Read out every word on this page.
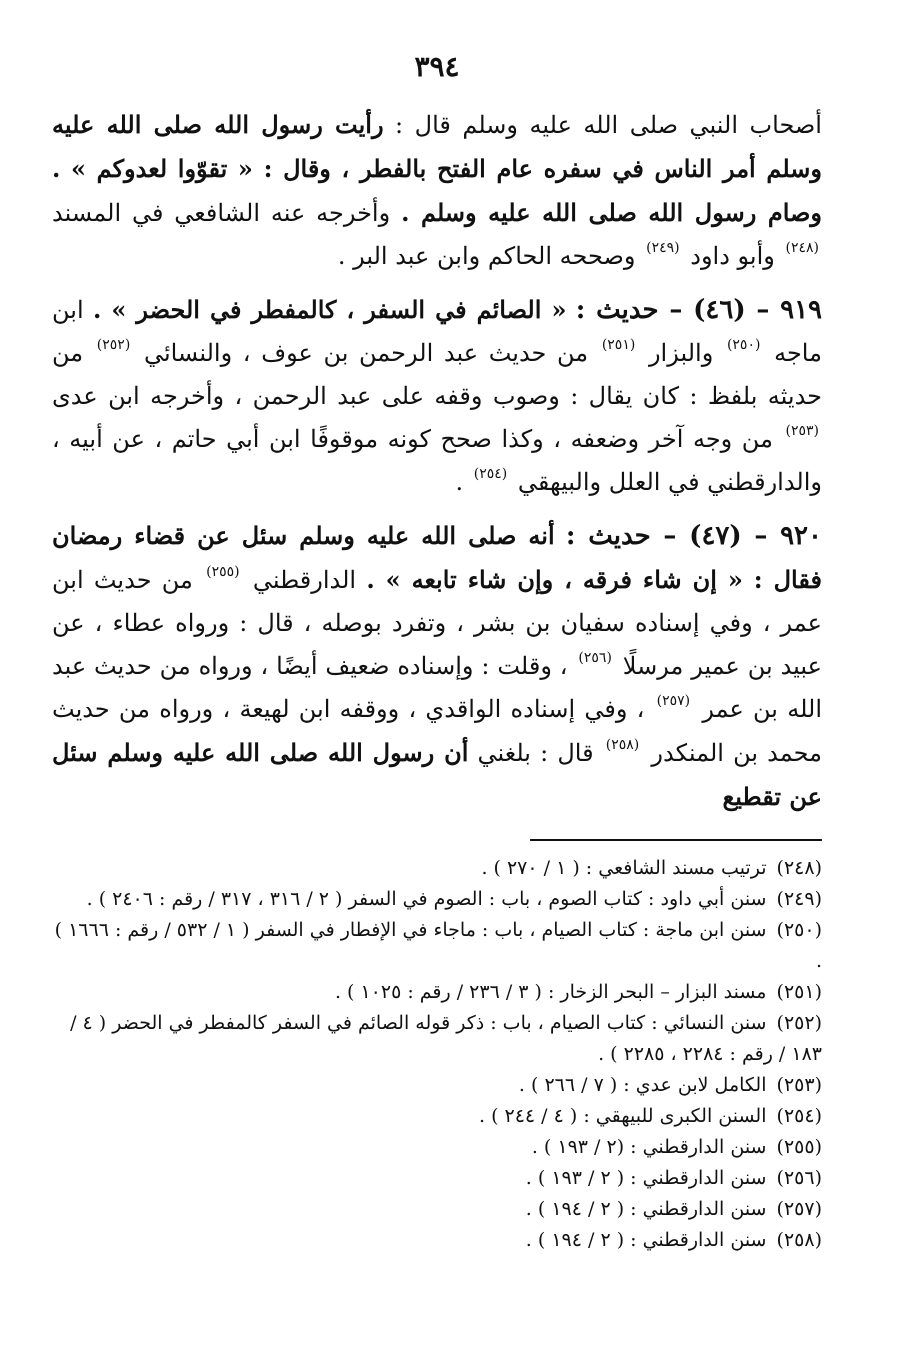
٣٩٤

أصحاب النبي صلى الله عليه وسلم قال : رأيت رسول الله صلى الله عليه وسلم أمر الناس في سفره عام الفتح بالفطر ، وقال : « تقوّوا لعدوكم » . وصام رسول الله صلى الله عليه وسلم . وأخرجه عنه الشافعي في المسند $^{(٢٤٨)}$ وأبو داود $^{(٢٤٩)}$ وصححه الحاكم وابن عبد البر .

٩١٩ – (٤٦) – حديث : « الصائم في السفر ، كالمفطر في الحضر » . ابن ماجه $^{(٢٥٠)}$ والبزار $^{(٢٥١)}$ من حديث عبد الرحمن بن عوف ، والنسائي $^{(٢٥٢)}$ من حديثه بلفظ : كان يقال : وصوب وقفه على عبد الرحمن ، وأخرجه ابن عدى $^{(٢٥٣)}$ من وجه آخر وضعفه ، وكذا صحح كونه موقوفًا ابن أبي حاتم ، عن أبيه ، والدارقطني في العلل والبيهقي $^{(٢٥٤)}$ .

٩٢٠ – (٤٧) – حديث : أنه صلى الله عليه وسلم سئل عن قضاء رمضان فقال : « إن شاء فرقه ، وإن شاء تابعه » . الدارقطني $^{(٢٥٥)}$ من حديث ابن عمر ، وفي إسناده سفيان بن بشر ، وتفرد بوصله ، قال : ورواه عطاء ، عن عبيد بن عمير مرسلًا $^{(٢٥٦)}$ ، وقلت : وإسناده ضعيف أيضًا ، ورواه من حديث عبد الله بن عمر $^{(٢٥٧)}$ ، وفي إسناده الواقدي ، ووقفه ابن لهيعة ، ورواه من حديث محمد بن المنكدر $^{(٢٥٨)}$ قال : بلغني أن رسول الله صلى الله عليه وسلم سئل عن تقطيع

(٢٤٨) ترتيب مسند الشافعي : ( ١ / ٢٧٠ ) .
(٢٤٩) سنن أبي داود : كتاب الصوم ، باب : الصوم في السفر ( ٢ / ٣١٦ ، ٣١٧ / رقم : ٢٤٠٦ ) .
(٢٥٠) سنن ابن ماجة : كتاب الصيام ، باب : ماجاء في الإفطار في السفر ( ١ / ٥٣٢ / رقم : ١٦٦٦ ) .
(٢٥١) مسند البزار – البحر الزخار : ( ٣ / ٢٣٦ / رقم : ١٠٢٥ ) .
(٢٥٢) سنن النسائي : كتاب الصيام ، باب : ذكر قوله الصائم في السفر كالمفطر في الحضر ( ٤ / ١٨٣ / رقم : ٢٢٨٤ ، ٢٢٨٥ ) .
(٢٥٣) الكامل لابن عدي : ( ٧ / ٢٦٦ ) .
(٢٥٤) السنن الكبرى للبيهقي : ( ٤ / ٢٤٤ ) .
(٢٥٥) سنن الدارقطني : (٢ / ١٩٣ ) .
(٢٥٦) سنن الدارقطني : ( ٢ / ١٩٣ ) .
(٢٥٧) سنن الدارقطني : ( ٢ / ١٩٤ ) .
(٢٥٨) سنن الدارقطني : ( ٢ / ١٩٤ ) .
